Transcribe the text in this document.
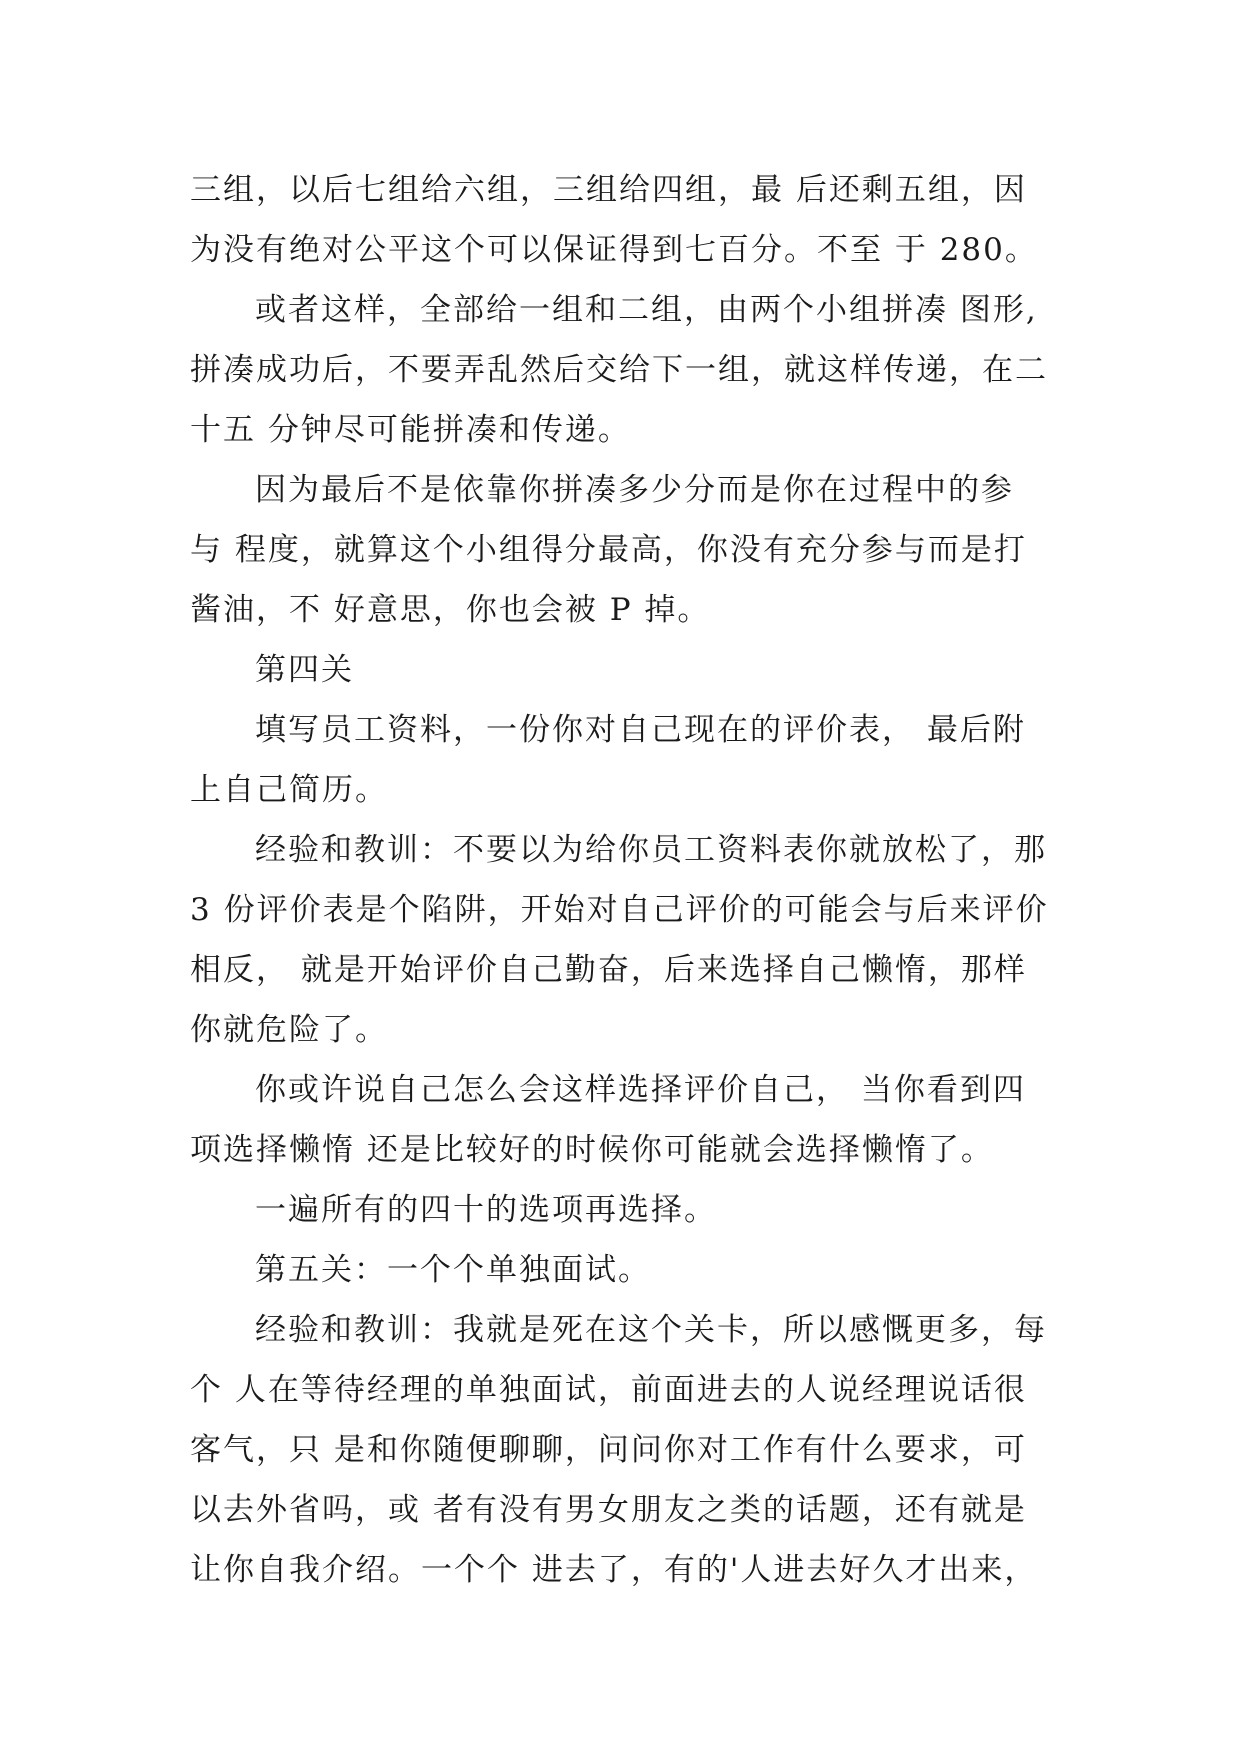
三组，以后七组给六组，三组给四组，最 后还剩五组，因
为没有绝对公平这个可以保证得到七百分。不至 于 280。
或者这样，全部给一组和二组，由两个小组拼凑 图形,
拼凑成功后，不要弄乱然后交给下一组，就这样传递，在二
十五 分钟尽可能拼凑和传递。
因为最后不是依靠你拼凑多少分而是你在过程中的参
与 程度，就算这个小组得分最高，你没有充分参与而是打
酱油，不 好意思，你也会被 P 掉。
第四关
填写员工资料，一份你对自己现在的评价表， 最后附
上自己简历。
经验和教训：不要以为给你员工资料表你就放松了，那
3 份评价表是个陷阱，开始对自己评价的可能会与后来评价
相反， 就是开始评价自己勤奋，后来选择自己懒惰，那样
你就危险了。
你或许说自己怎么会这样选择评价自己， 当你看到四
项选择懒惰 还是比较好的时候你可能就会选择懒惰了。
一遍所有的四十的选项再选择。
第五关：一个个单独面试。
经验和教训：我就是死在这个关卡，所以感慨更多，每
个 人在等待经理的单独面试，前面进去的人说经理说话很
客气，只 是和你随便聊聊，问问你对工作有什么要求，可
以去外省吗，或 者有没有男女朋友之类的话题，还有就是
让你自我介绍。一个个 进去了，有的'人进去好久才出来，
